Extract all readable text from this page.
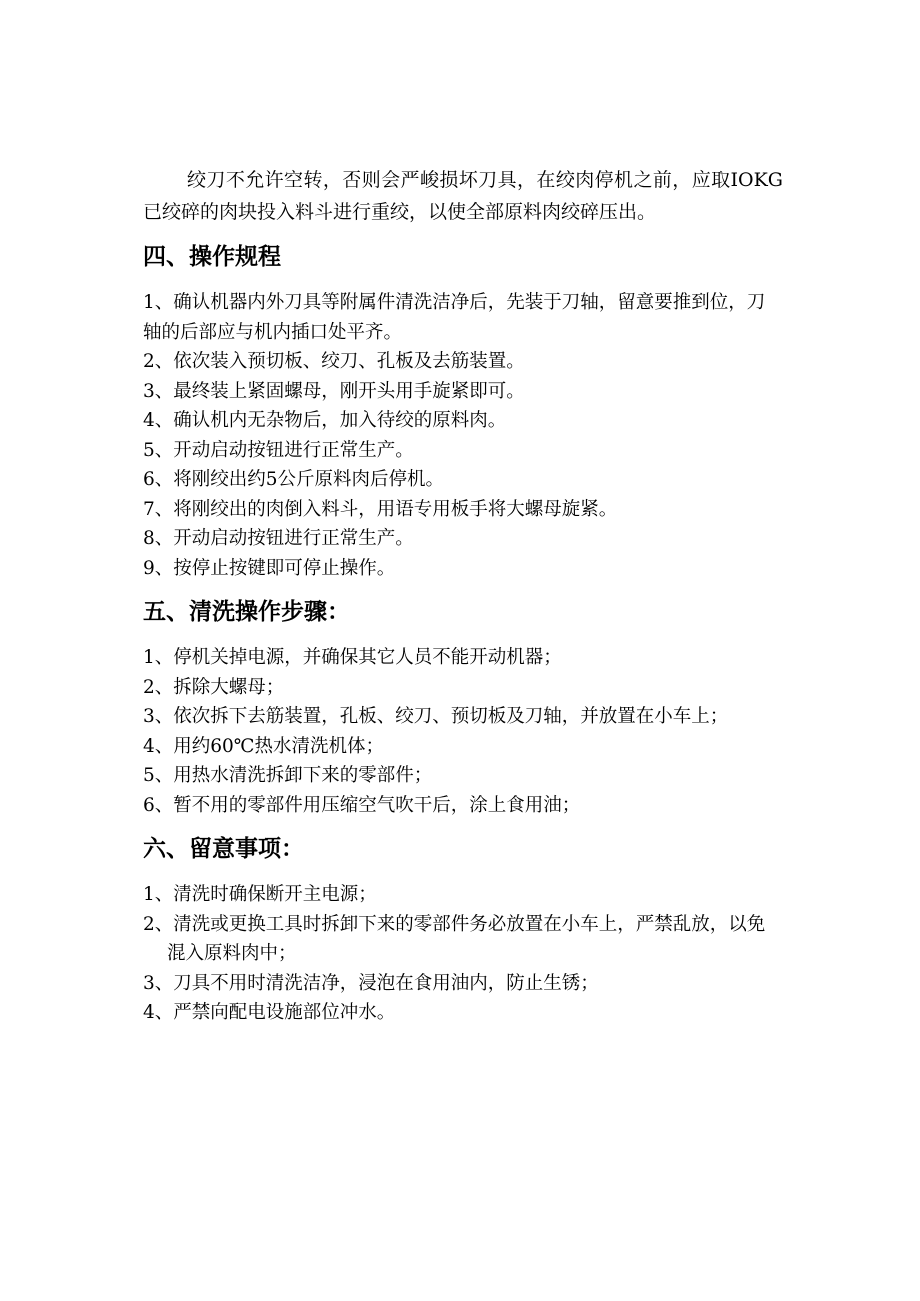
绞刀不允许空转，否则会严峻损坏刀具，在绞肉停机之前，应取IOKG已绞碎的肉块投入料斗进行重绞，以使全部原料肉绞碎压出。

四、操作规程

1、确认机器内外刀具等附属件清洗洁净后，先装于刀轴，留意要推到位，刀轴的后部应与机内插口处平齐。

2、依次装入预切板、绞刀、孔板及去筋装置。

3、最终装上紧固螺母，刚开头用手旋紧即可。

4、确认机内无杂物后，加入待绞的原料肉。

5、开动启动按钮进行正常生产。

6、将刚绞出约5公斤原料肉后停机。

7、将刚绞出的肉倒入料斗，用语专用板手将大螺母旋紧。

8、开动启动按钮进行正常生产。

9、按停止按键即可停止操作。

五、清洗操作步骤：

1、停机关掉电源，并确保其它人员不能开动机器；

2、拆除大螺母；

3、依次拆下去筋装置，孔板、绞刀、预切板及刀轴，并放置在小车上；

4、用约60℃热水清洗机体；

5、用热水清洗拆卸下来的零部件；

6、暂不用的零部件用压缩空气吹干后，涂上食用油；

六、留意事项：

1、清洗时确保断开主电源；

2、清洗或更换工具时拆卸下来的零部件务必放置在小车上，严禁乱放，以免混入原料肉中；

3、刀具不用时清洗洁净，浸泡在食用油内，防止生锈；

4、严禁向配电设施部位冲水。
